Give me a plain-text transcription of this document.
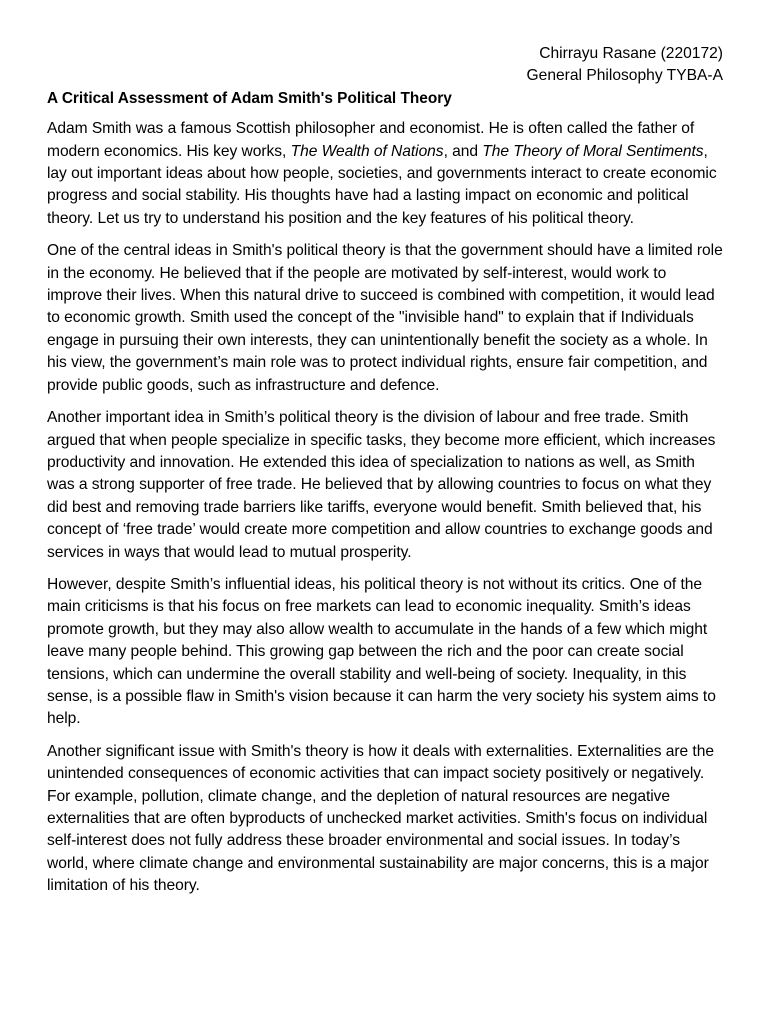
Chirrayu Rasane (220172)
General Philosophy TYBA-A
A Critical Assessment of Adam Smith's Political Theory

Adam Smith was a famous Scottish philosopher and economist. He is often called the father of modern economics. His key works, The Wealth of Nations, and The Theory of Moral Sentiments, lay out important ideas about how people, societies, and governments interact to create economic progress and social stability. His thoughts have had a lasting impact on economic and political theory. Let us try to understand his position and the key features of his political theory.

One of the central ideas in Smith's political theory is that the government should have a limited role in the economy. He believed that if the people are motivated by self-interest, would work to improve their lives. When this natural drive to succeed is combined with competition, it would lead to economic growth. Smith used the concept of the "invisible hand" to explain that if Individuals engage in pursuing their own interests, they can unintentionally benefit the society as a whole. In his view, the government’s main role was to protect individual rights, ensure fair competition, and provide public goods, such as infrastructure and defence.

Another important idea in Smith’s political theory is the division of labour and free trade. Smith argued that when people specialize in specific tasks, they become more efficient, which increases productivity and innovation. He extended this idea of specialization to nations as well, as Smith was a strong supporter of free trade. He believed that by allowing countries to focus on what they did best and removing trade barriers like tariffs, everyone would benefit. Smith believed that, his concept of ‘free trade’ would create more competition and allow countries to exchange goods and services in ways that would lead to mutual prosperity.

However, despite Smith’s influential ideas, his political theory is not without its critics. One of the main criticisms is that his focus on free markets can lead to economic inequality. Smith’s ideas promote growth, but they may also allow wealth to accumulate in the hands of a few which might leave many people behind. This growing gap between the rich and the poor can create social tensions, which can undermine the overall stability and well-being of society. Inequality, in this sense, is a possible flaw in Smith's vision because it can harm the very society his system aims to help.

Another significant issue with Smith's theory is how it deals with externalities. Externalities are the unintended consequences of economic activities that can impact society positively or negatively. For example, pollution, climate change, and the depletion of natural resources are negative externalities that are often byproducts of unchecked market activities. Smith's focus on individual self-interest does not fully address these broader environmental and social issues. In today’s world, where climate change and environmental sustainability are major concerns, this is a major limitation of his theory.
